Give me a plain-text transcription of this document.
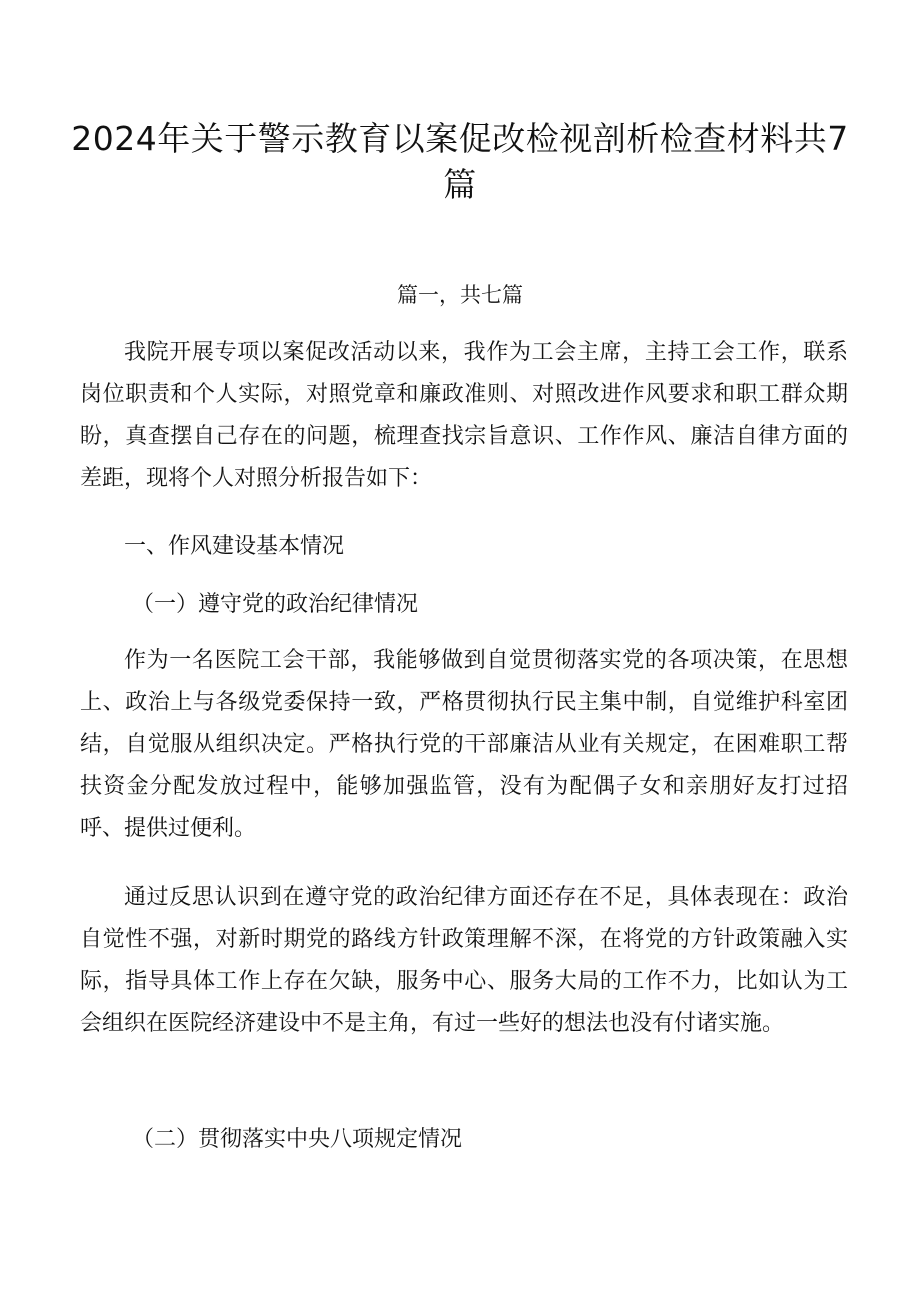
2024年关于警示教育以案促改检视剖析检查材料共7篇

篇一，共七篇

我院开展专项以案促改活动以来，我作为工会主席，主持工会工作，联系岗位职责和个人实际，对照党章和廉政准则、对照改进作风要求和职工群众期盼，真查摆自己存在的问题，梳理查找宗旨意识、工作作风、廉洁自律方面的差距，现将个人对照分析报告如下：

一、作风建设基本情况

（一）遵守党的政治纪律情况

作为一名医院工会干部，我能够做到自觉贯彻落实党的各项决策，在思想上、政治上与各级党委保持一致，严格贯彻执行民主集中制，自觉维护科室团结，自觉服从组织决定。严格执行党的干部廉洁从业有关规定，在困难职工帮扶资金分配发放过程中，能够加强监管，没有为配偶子女和亲朋好友打过招呼、提供过便利。

通过反思认识到在遵守党的政治纪律方面还存在不足，具体表现在：政治自觉性不强，对新时期党的路线方针政策理解不深，在将党的方针政策融入实际，指导具体工作上存在欠缺，服务中心、服务大局的工作不力，比如认为工会组织在医院经济建设中不是主角，有过一些好的想法也没有付诸实施。

（二）贯彻落实中央八项规定情况
